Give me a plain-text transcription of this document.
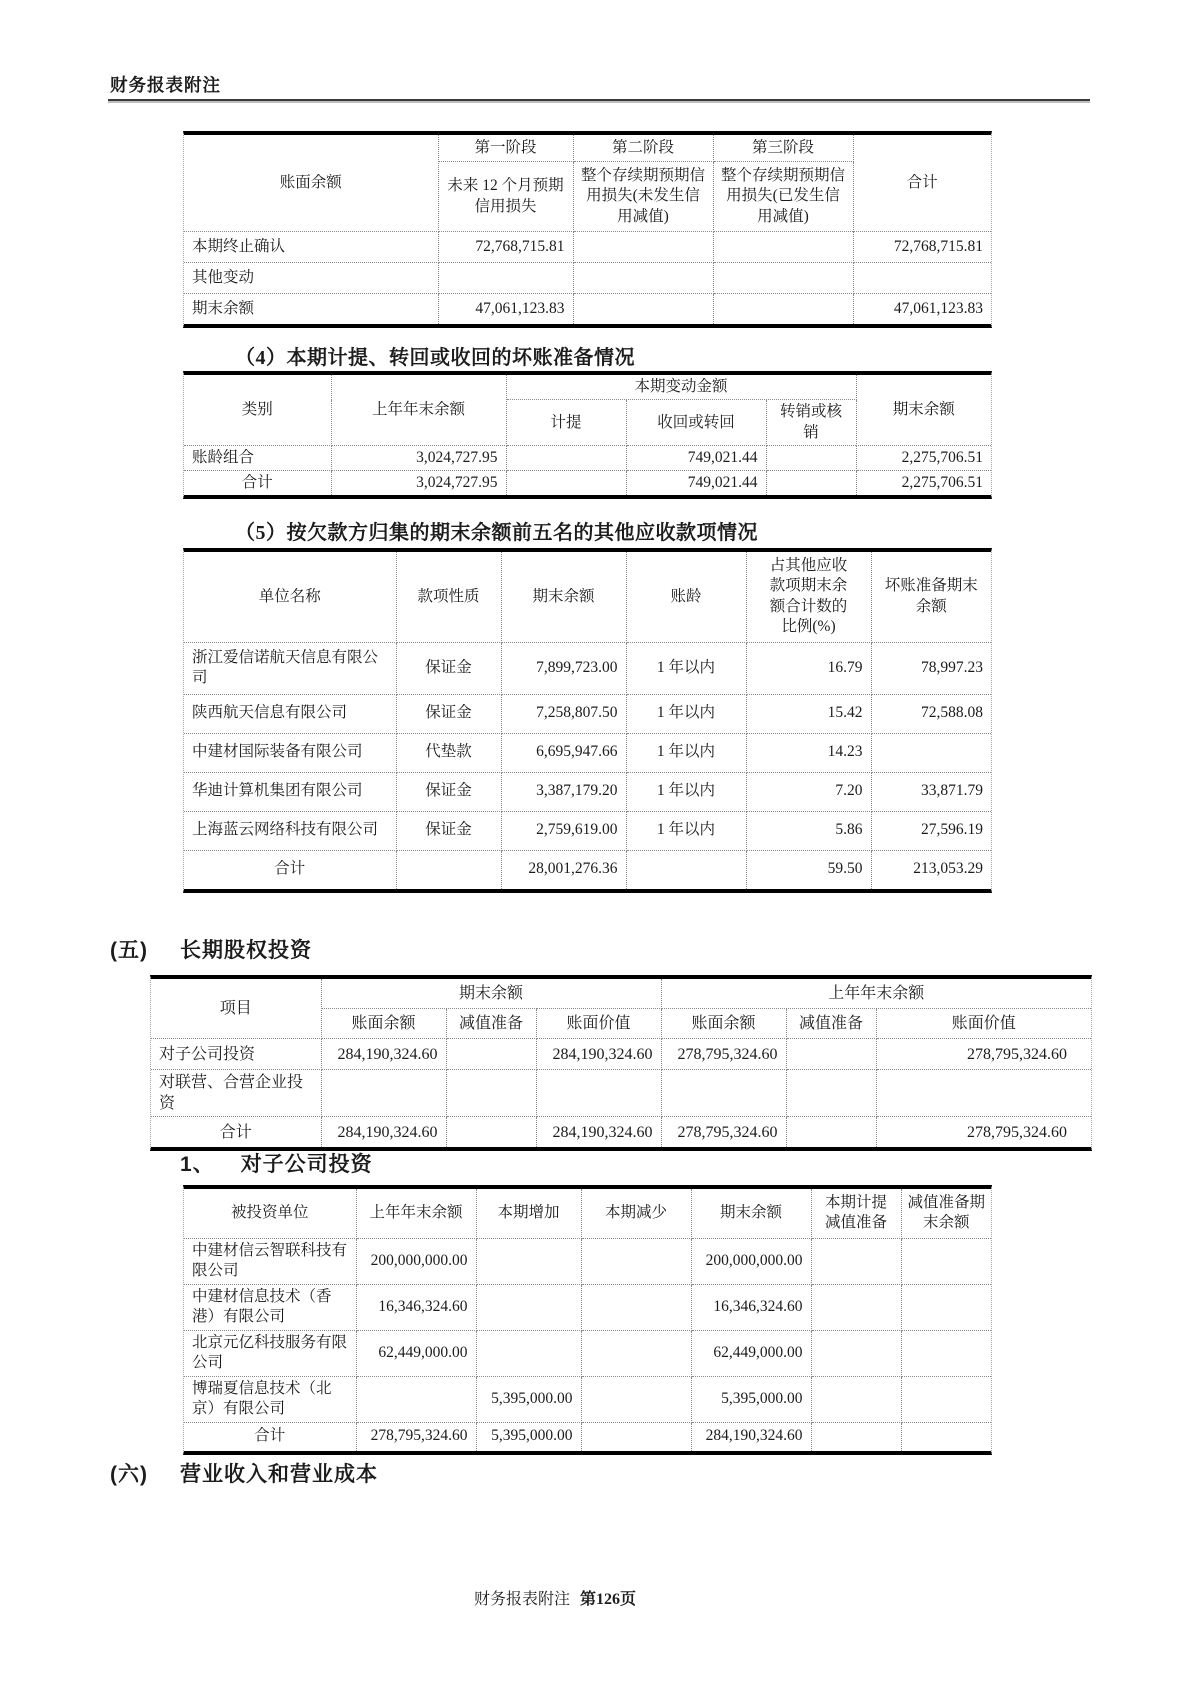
财务报表附注
账面余额	第一阶段	第二阶段	第三阶段	合计
	未来 12 个月预期信用损失	整个存续期预期信用损失(未发生信用减值)	整个存续期预期信用损失(已发生信用减值)	
本期终止确认	72,768,715.81			72,768,715.81
其他变动				
期末余额	47,061,123.83			47,061,123.83
（4）本期计提、转回或收回的坏账准备情况
类别	上年年末余额	本期变动金额			期末余额
		计提	收回或转回	转销或核销	
账龄组合	3,024,727.95		749,021.44		2,275,706.51
合计	3,024,727.95		749,021.44		2,275,706.51
（5）按欠款方归集的期末余额前五名的其他应收款项情况
单位名称	款项性质	期末余额	账龄	占其他应收款项期末余额合计数的比例(%)	坏账准备期末余额
浙江爱信诺航天信息有限公司	保证金	7,899,723.00	1 年以内	16.79	78,997.23
陕西航天信息有限公司	保证金	7,258,807.50	1 年以内	15.42	72,588.08
中建材国际装备有限公司	代垫款	6,695,947.66	1 年以内	14.23	
华迪计算机集团有限公司	保证金	3,387,179.20	1 年以内	7.20	33,871.79
上海蓝云网络科技有限公司	保证金	2,759,619.00	1 年以内	5.86	27,596.19
合计		28,001,276.36		59.50	213,053.29
(五) 长期股权投资
项目	期末余额			上年年末余额		
	账面余额	减值准备	账面价值	账面余额	减值准备	账面价值
对子公司投资	284,190,324.60		284,190,324.60	278,795,324.60		278,795,324.60
对联营、合营企业投资						
合计	284,190,324.60		284,190,324.60	278,795,324.60		278,795,324.60
1、 对子公司投资
被投资单位	上年年末余额	本期增加	本期减少	期末余额	本期计提减值准备	减值准备期末余额
中建材信云智联科技有限公司	200,000,000.00			200,000,000.00		
中建材信息技术（香港）有限公司	16,346,324.60			16,346,324.60		
北京元亿科技服务有限公司	62,449,000.00			62,449,000.00		
博瑞夏信息技术（北京）有限公司		5,395,000.00		5,395,000.00		
合计	278,795,324.60	5,395,000.00		284,190,324.60		
(六) 营业收入和营业成本
财务报表附注 第126页
